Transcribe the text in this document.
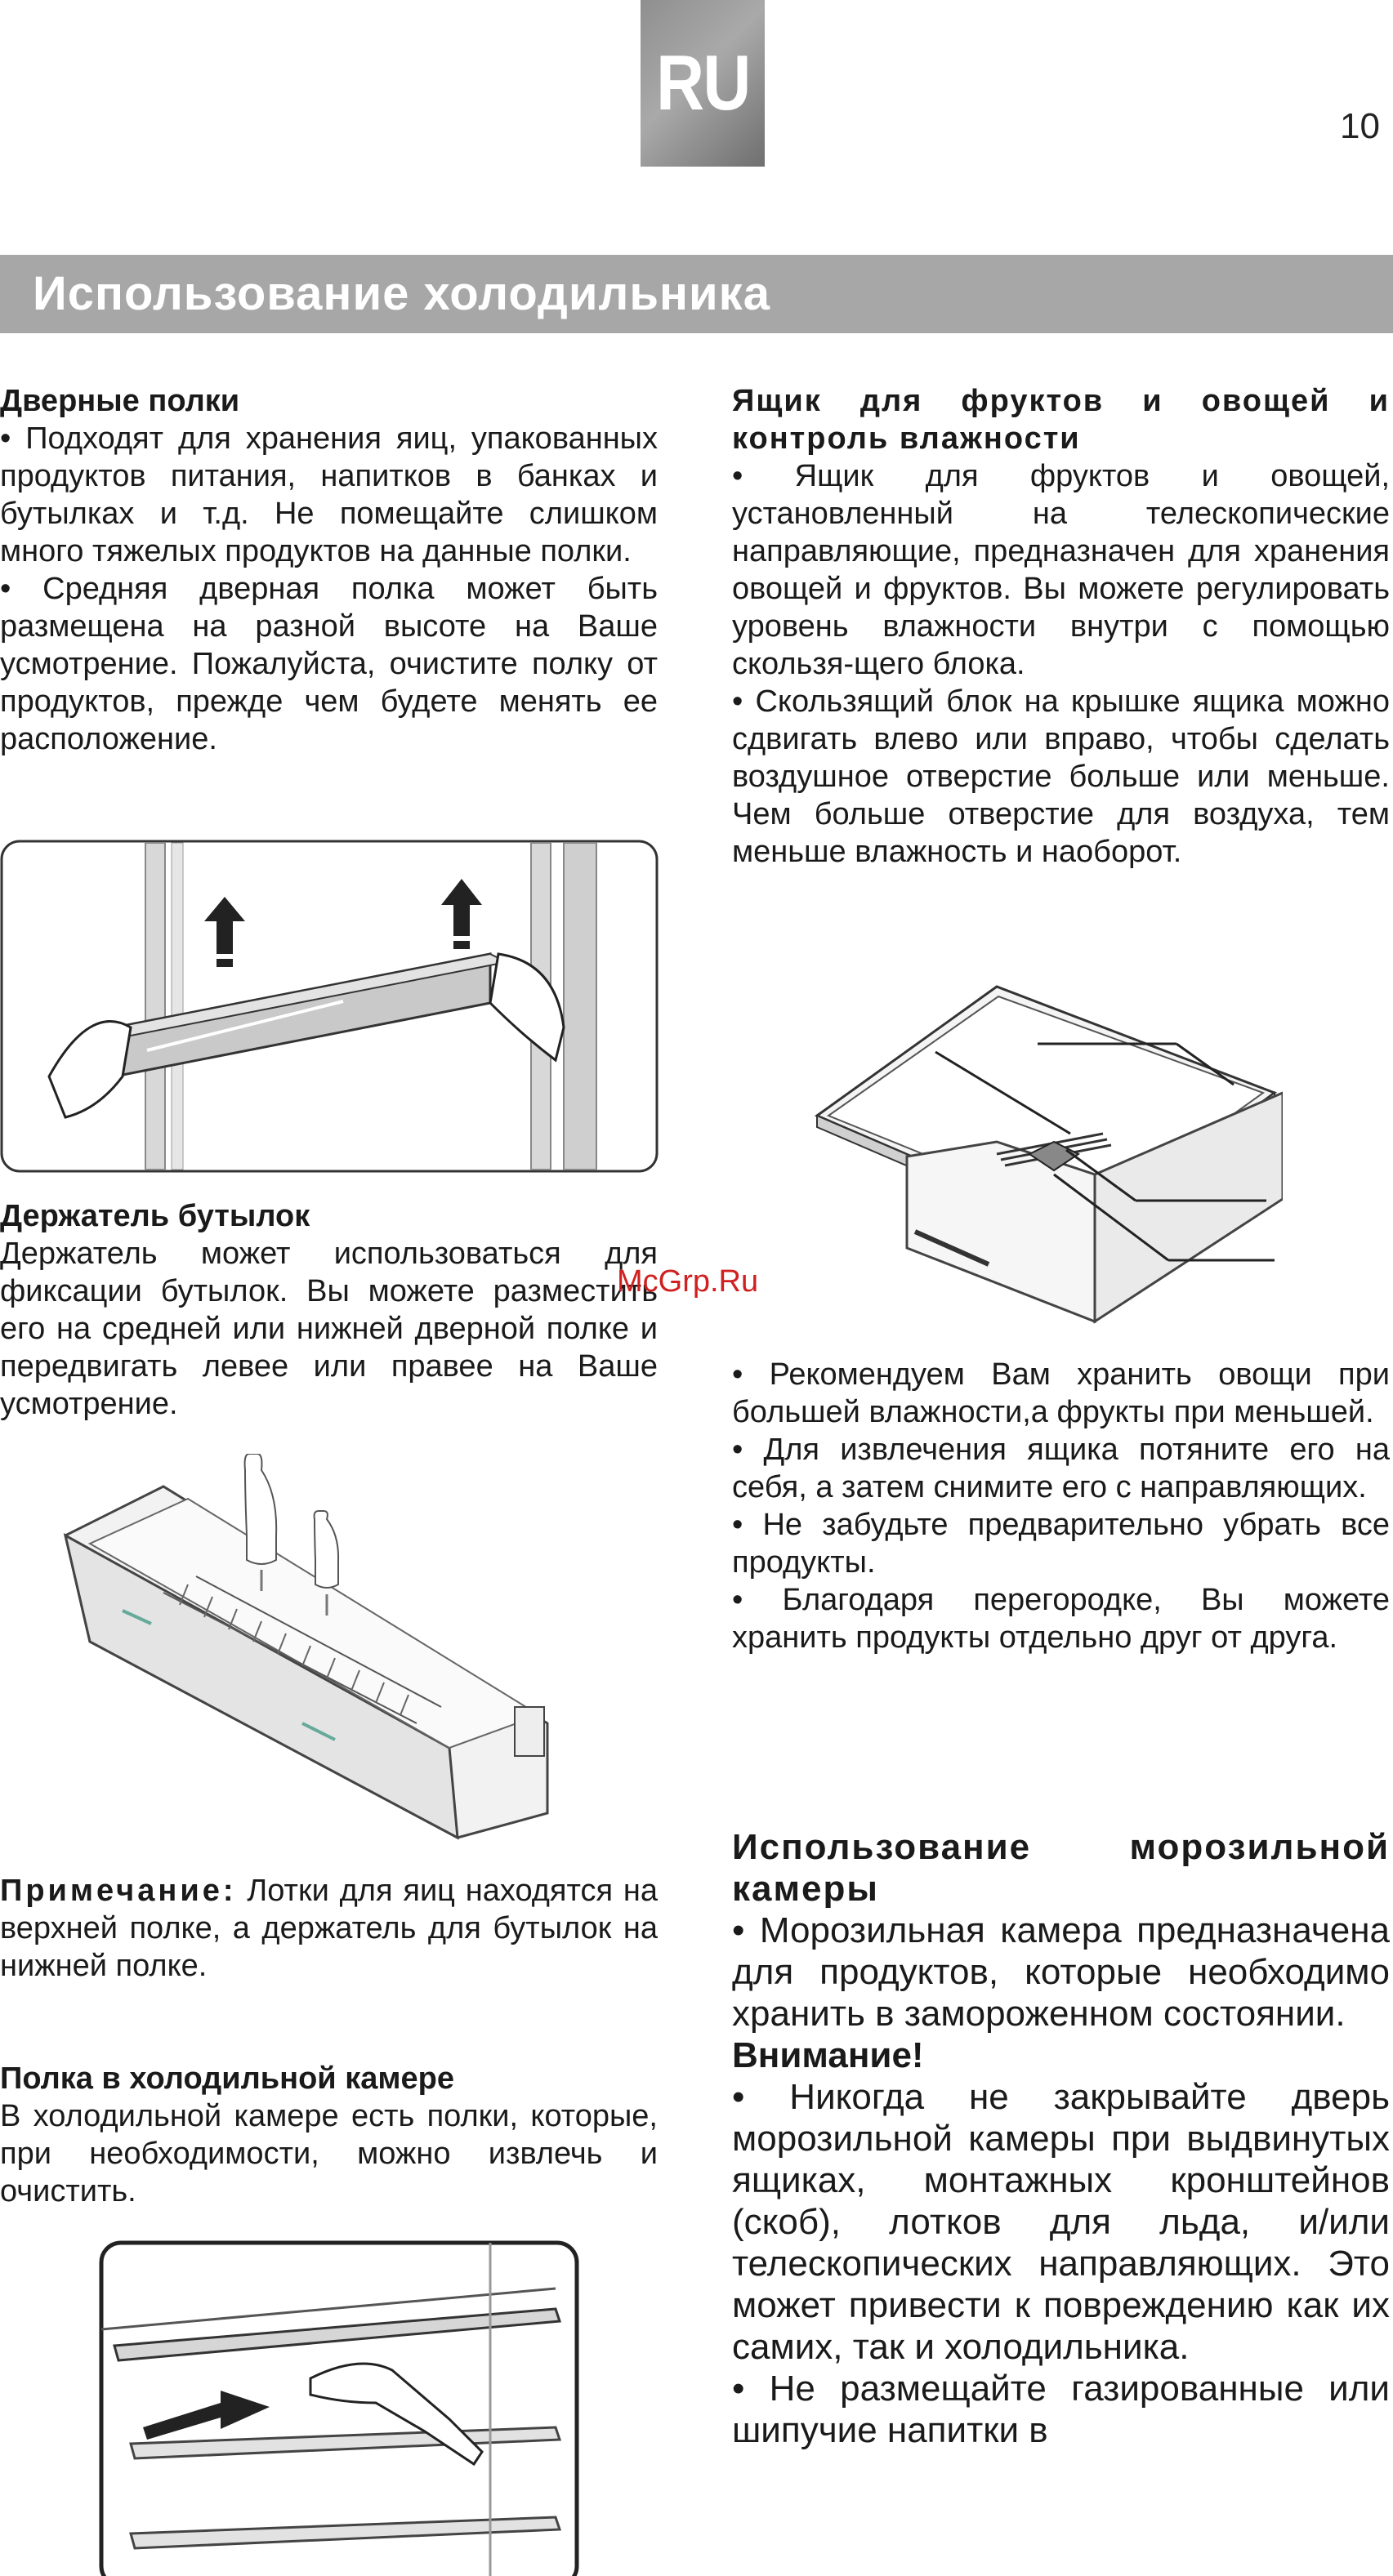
RU	10
Использование холодильника

Дверные полки

• Подходят для хранения яиц, упакованных продуктов питания, напитков в банках и бутылках и т.д. Не помещайте слишком много тяжелых продуктов на данные полки.

• Средняя дверная полка может быть размещена на разной высоте на Ваше усмотрение. Пожалуйста, очистите полку от продуктов, прежде чем будете менять ее расположение.

Держатель бутылок

Держатель может использоваться для фиксации бутылок. Вы можете разместить его на средней или нижней дверной полке и передвигать левее или правее на Ваше усмотрение.

McGrp.Ru

Примечание: Лотки для яиц находятся на верхней полке, а держатель для бутылок на нижней полке.

Полка в холодильной камере

В холодильной камере есть полки, которые, при необходимости, можно извлечь и очистить.

Ящик для фруктов и овощей и контроль влажности

• Ящик для фруктов и овощей, установленный на телескопические направляющие, предназначен для хранения овощей и фруктов. Вы можете регулировать уровень влажности внутри с помощью скользя-щего блока.

• Скользящий блок на крышке ящика можно сдвигать влево или вправо, чтобы сделать воздушное отверстие больше или меньше. Чем больше отверстие для воздуха, тем меньше влажность и наоборот.

• Рекомендуем Вам хранить овощи при большей влажности,а фрукты при меньшей.

• Для извлечения ящика потяните его на себя, а затем снимите его с направляющих.

• Не забудьте предварительно убрать все продукты.

• Благодаря перегородке, Вы можете хранить продукты отдельно друг от друга.

Использование морозильной камеры

• Морозильная камера предназначена для продуктов, которые необходимо хранить в замороженном состоянии.

Внимание!

• Никогда не закрывайте дверь морозильной камеры при выдвинутых ящиках, монтажных кронштейнов (скоб), лотков для льда, и/или телескопических направляющих. Это может привести к повреждению как их самих, так и холодильника.

• Не размещайте газированные или шипучие напитки в
